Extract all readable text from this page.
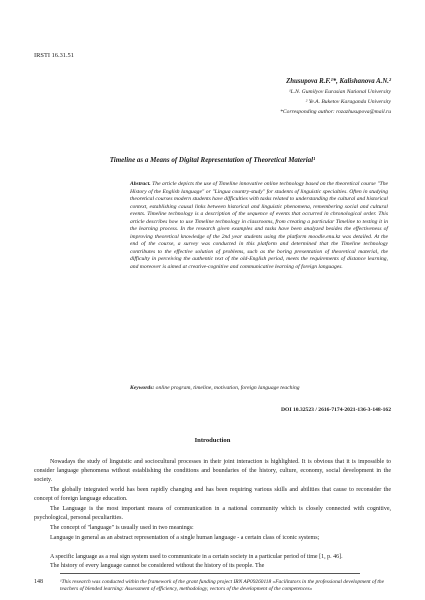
IRSTI 16.31.51
Zhusupova R.F.¹*, Kalishanova A.N.²
¹L.N. Gumilyov Eurasian National University
² Ye.A. Buketov Karaganda University
*Corresponding author: rozazhusupova@mail.ru
Timeline as a Means of Digital Representation of Theoretical Material¹
Abstract. The article depicts the use of Timeline innovative online technology based on the theoretical course "The History of the English language" or "Lingua country-study" for students of linguistic specialties. Often in studying theoretical courses modern students have difficulties with tasks related to understanding the cultural and historical context, establishing causal links between historical and linguistic phenomena, remembering social and cultural events. Timeline technology is a description of the sequence of events that occurred in chronological order. This article describes how to use Timeline technology in classrooms, from creating a particular Timeline to testing it in the learning process. In the research given examples and tasks have been analyzed besides the effectiveness of improving theoretical knowledge of the 2nd year students using the platform moodle.enu.kz was detailed. At the end of the course, a survey was conducted in this platform and determined that the Timeline technology contributes to the effective solution of problems, such as the boring presentation of theoretical material, the difficulty in perceiving the authentic text of the old-English period, meets the requirements of distance learning, and moreover is aimed at creative-cognitive and communicative learning of foreign languages.
Keywords: online program, timeline, motivation, foreign language teaching
DOI 10.32523 / 2616-7174-2021-136-3-148-162
Introduction
Nowadays the study of linguistic and sociocultural processes in their joint interaction is highlighted. It is obvious that it is impossible to consider language phenomena without establishing the conditions and boundaries of the history, culture, economy, social development in the society.
The globally integrated world has been rapidly changing and has been requiring various skills and abilities that cause to reconsider the concept of foreign language education.
The Language is the most important means of communication in a national community which is closely connected with cognitive, psychological, personal peculiarities.
The concept of "language" is usually used in two meanings:
Language in general as an abstract representation of a single human language - a certain class of iconic systems;
A specific language as a real sign system used to communicate in a certain society in a particular period of time [1, p. 46].
The history of every language cannot be considered without the history of its people. The
148	¹This research was conducted within the framework of the grant funding project IRN AP09260118 «Facilitators in the professional development of the teachers of blended learning: Assessment of efficiency, methodology, vectors of the development of the competences»
